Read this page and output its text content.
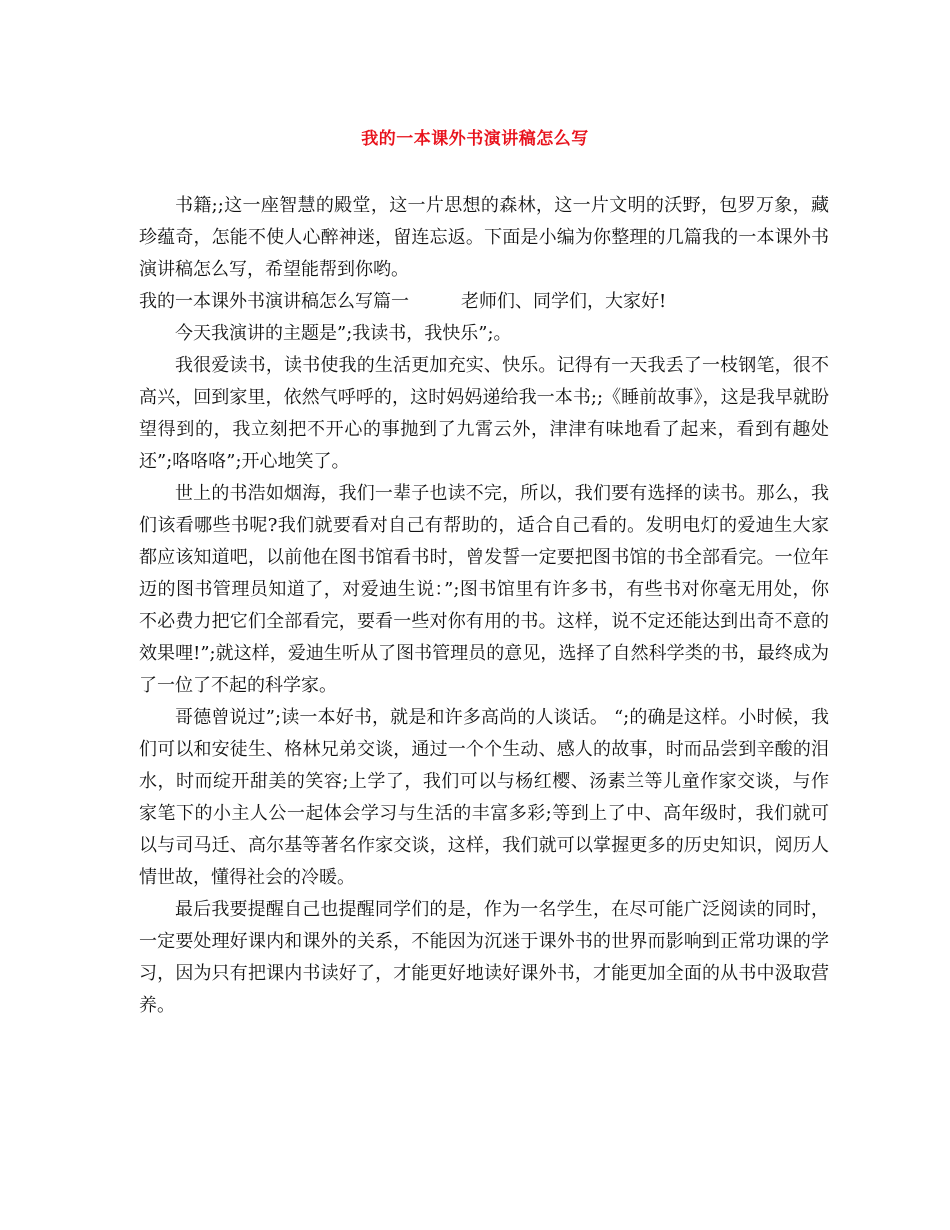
我的一本课外书演讲稿怎么写

书籍;;这一座智慧的殿堂，这一片思想的森林，这一片文明的沃野，包罗万象，藏珍蕴奇，怎能不使人心醉神迷，留连忘返。下面是小编为你整理的几篇我的一本课外书演讲稿怎么写，希望能帮到你哟。

我的一本课外书演讲稿怎么写篇一	老师们、同学们，大家好!

今天我演讲的主题是”;我读书，我快乐”;。

我很爱读书，读书使我的生活更加充实、快乐。记得有一天我丢了一枝钢笔，很不高兴，回到家里，依然气呼呼的，这时妈妈递给我一本书;;《睡前故事》，这是我早就盼望得到的，我立刻把不开心的事抛到了九霄云外，津津有味地看了起来，看到有趣处还”;咯咯咯”;开心地笑了。

世上的书浩如烟海，我们一辈子也读不完，所以，我们要有选择的读书。那么，我们该看哪些书呢?我们就要看对自己有帮助的，适合自己看的。发明电灯的爱迪生大家都应该知道吧，以前他在图书馆看书时，曾发誓一定要把图书馆的书全部看完。一位年迈的图书管理员知道了，对爱迪生说：”;图书馆里有许多书，有些书对你毫无用处，你不必费力把它们全部看完，要看一些对你有用的书。这样，说不定还能达到出奇不意的效果哩!”;就这样，爱迪生听从了图书管理员的意见，选择了自然科学类的书，最终成为了一位了不起的科学家。

哥德曾说过”;读一本好书，就是和许多高尚的人谈话。 “;的确是这样。小时候，我们可以和安徒生、格林兄弟交谈，通过一个个生动、感人的故事，时而品尝到辛酸的泪水，时而绽开甜美的笑容;上学了，我们可以与杨红樱、汤素兰等儿童作家交谈，与作家笔下的小主人公一起体会学习与生活的丰富多彩;等到上了中、高年级时，我们就可以与司马迁、高尔基等著名作家交谈，这样，我们就可以掌握更多的历史知识，阅历人情世故，懂得社会的冷暖。

最后我要提醒自己也提醒同学们的是，作为一名学生，在尽可能广泛阅读的同时，一定要处理好课内和课外的关系，不能因为沉迷于课外书的世界而影响到正常功课的学习，因为只有把课内书读好了，才能更好地读好课外书，才能更加全面的从书中汲取营养。
